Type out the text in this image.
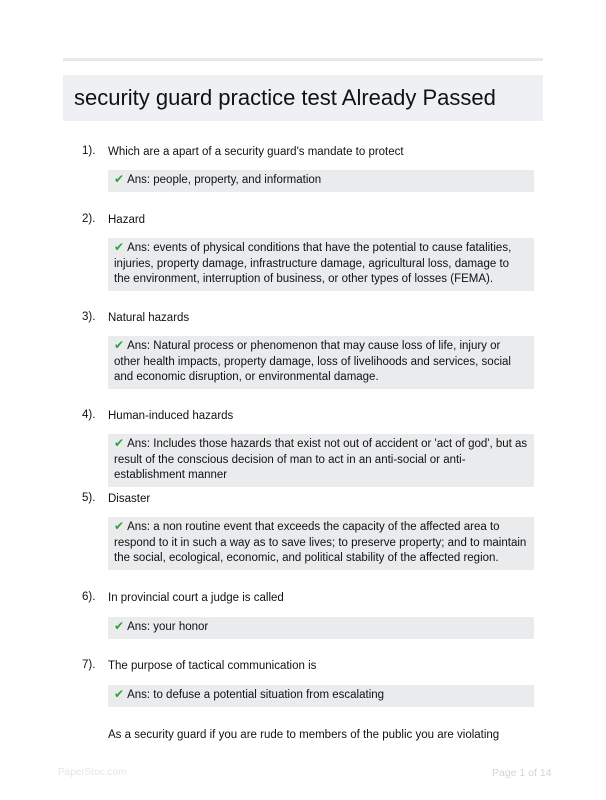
security guard practice test Already Passed
1). Which are a apart of a security guard's mandate to protect
✔ Ans: people, property, and information
2). Hazard
✔ Ans: events of physical conditions that have the potential to cause fatalities, injuries, property damage, infrastructure damage, agricultural loss, damage to the environment, interruption of business, or other types of losses (FEMA).
3). Natural hazards
✔ Ans: Natural process or phenomenon that may cause loss of life, injury or other health impacts, property damage, loss of livelihoods and services, social and economic disruption, or environmental damage.
4). Human-induced hazards
✔ Ans: Includes those hazards that exist not out of accident or 'act of god', but as result of the conscious decision of man to act in an anti-social or anti-establishment manner
5). Disaster
✔ Ans: a non routine event that exceeds the capacity of the affected area to respond to it in such a way as to save lives; to preserve property; and to maintain the social, ecological, economic, and political stability of the affected region.
6). In provincial court a judge is called
✔ Ans: your honor
7). The purpose of tactical communication is
✔ Ans: to defuse a potential situation from escalating
As a security guard if you are rude to members of the public you are violating
PaperStoc.com	Page 1 of 14
